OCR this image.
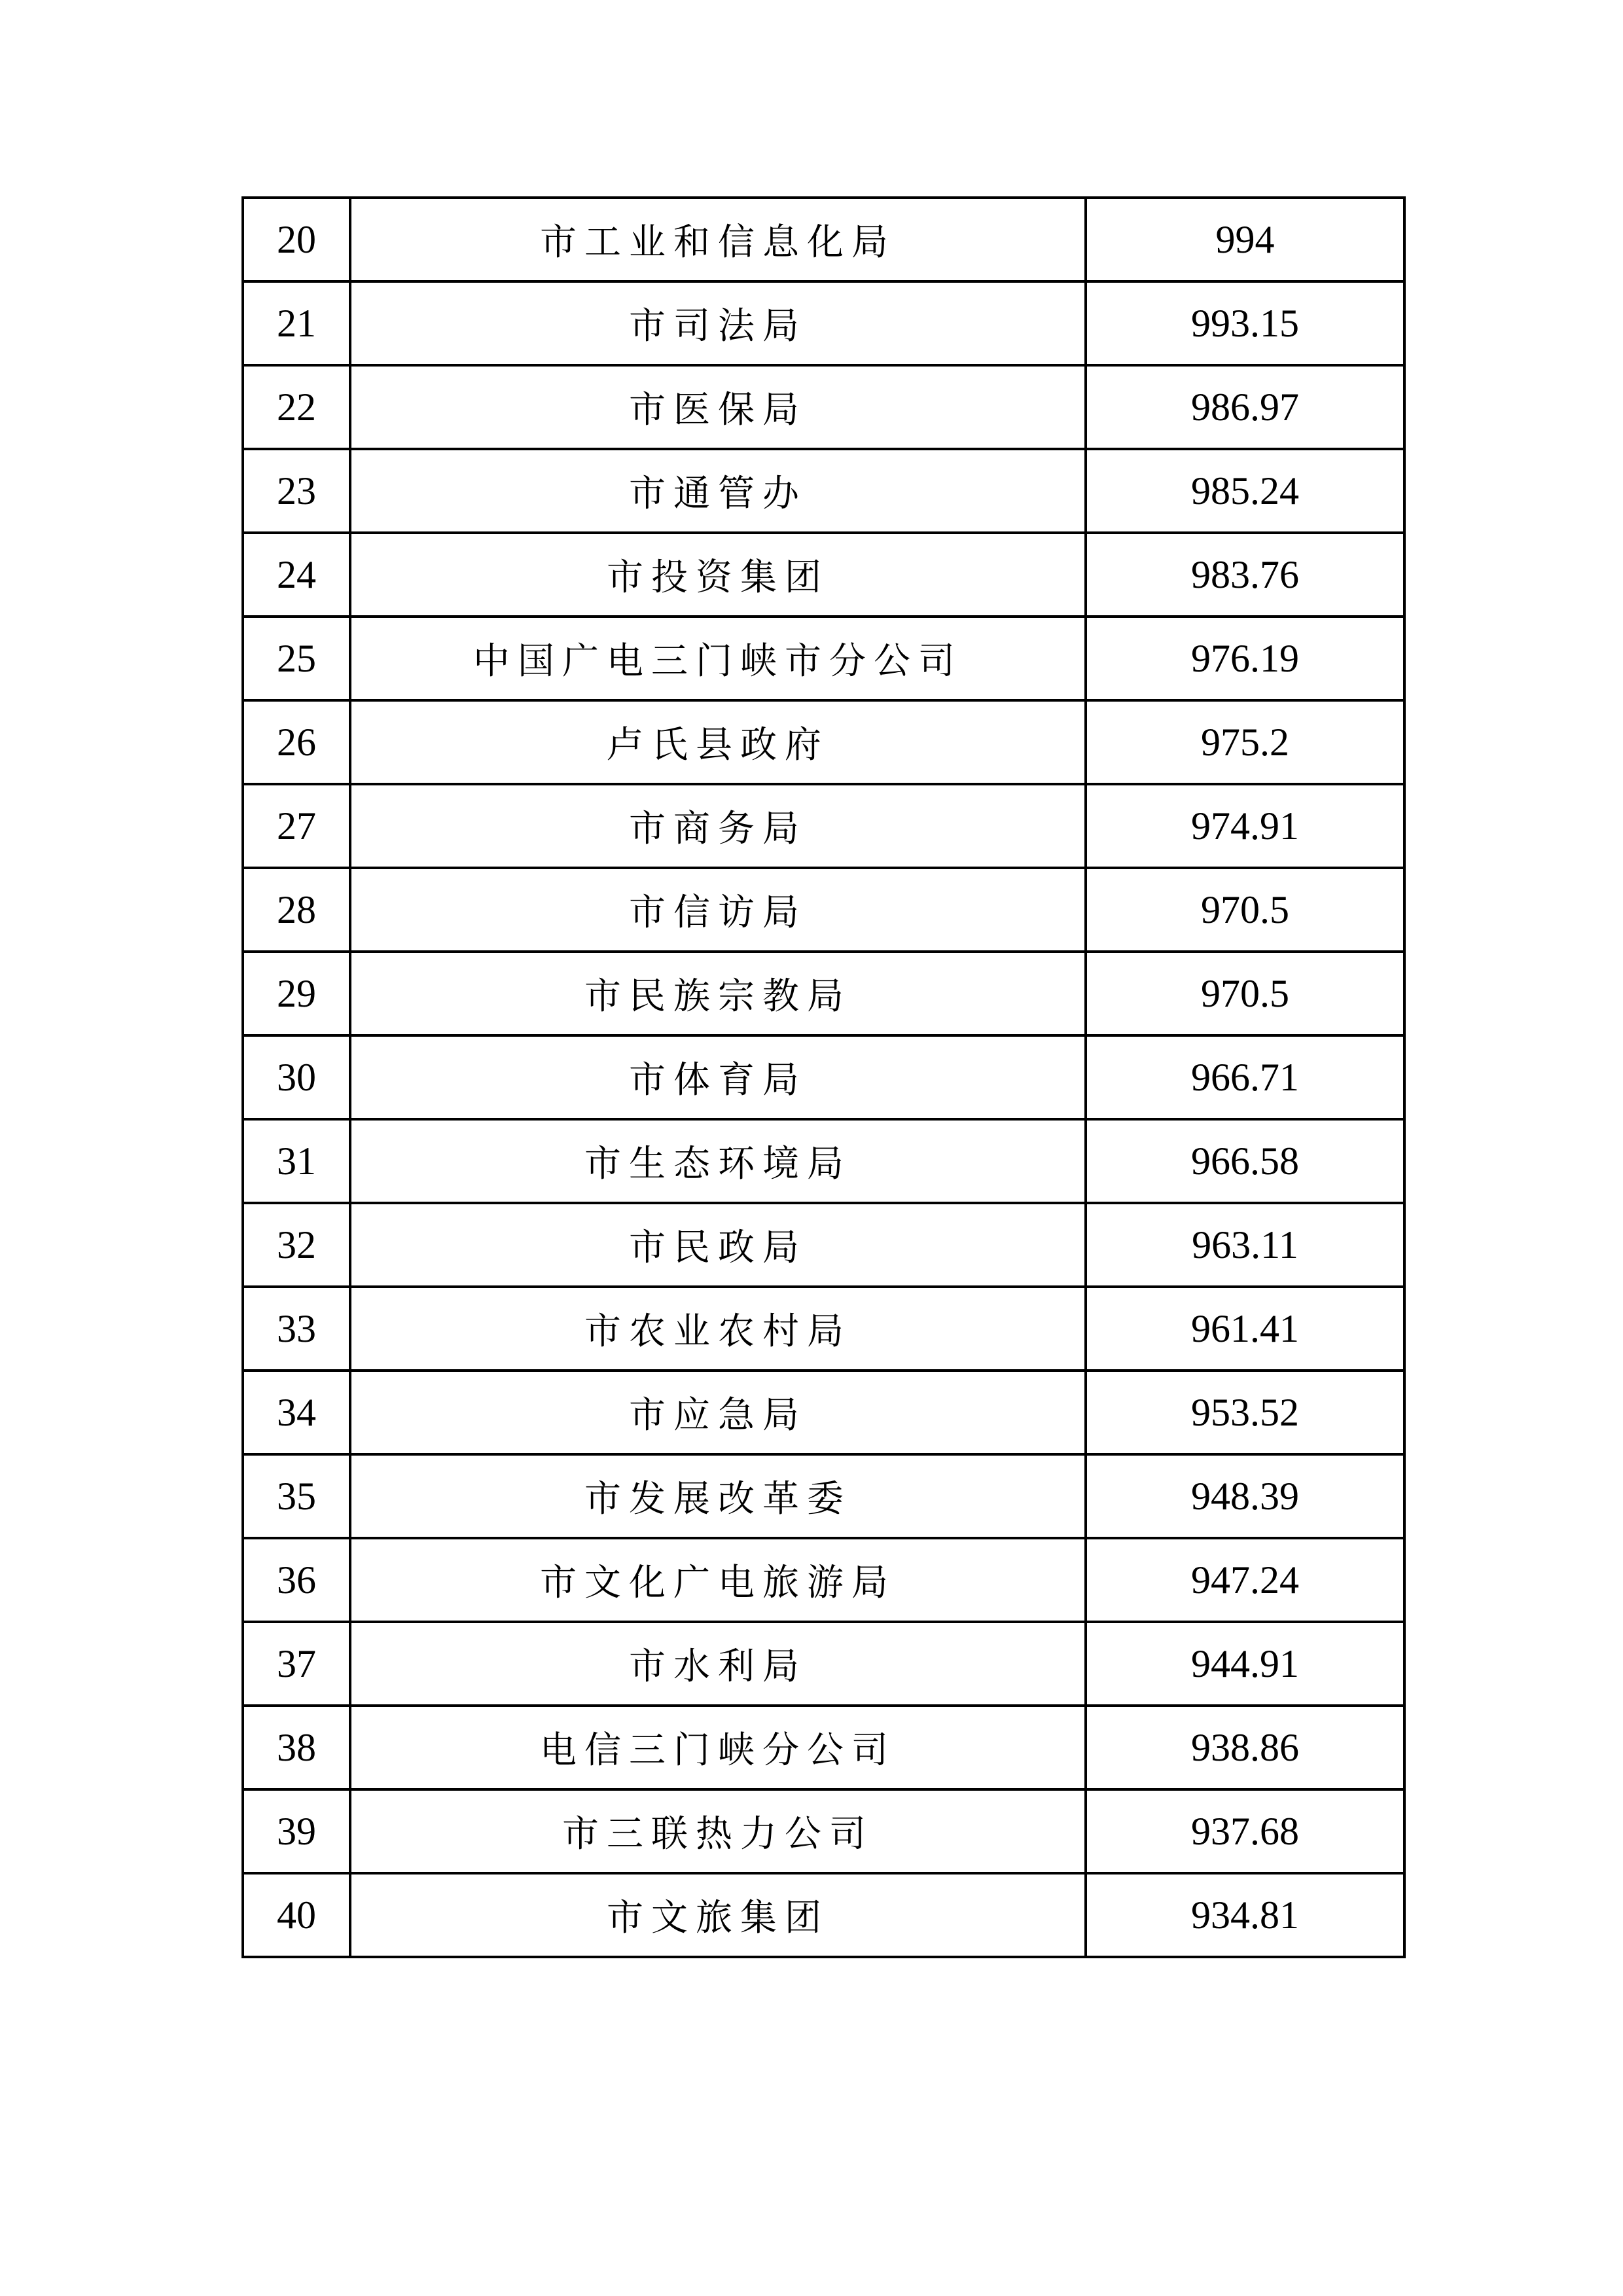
20	市工业和信息化局	994
21	市司法局	993.15
22	市医保局	986.97
23	市通管办	985.24
24	市投资集团	983.76
25	中国广电三门峡市分公司	976.19
26	卢氏县政府	975.2
27	市商务局	974.91
28	市信访局	970.5
29	市民族宗教局	970.5
30	市体育局	966.71
31	市生态环境局	966.58
32	市民政局	963.11
33	市农业农村局	961.41
34	市应急局	953.52
35	市发展改革委	948.39
36	市文化广电旅游局	947.24
37	市水利局	944.91
38	电信三门峡分公司	938.86
39	市三联热力公司	937.68
40	市文旅集团	934.81
